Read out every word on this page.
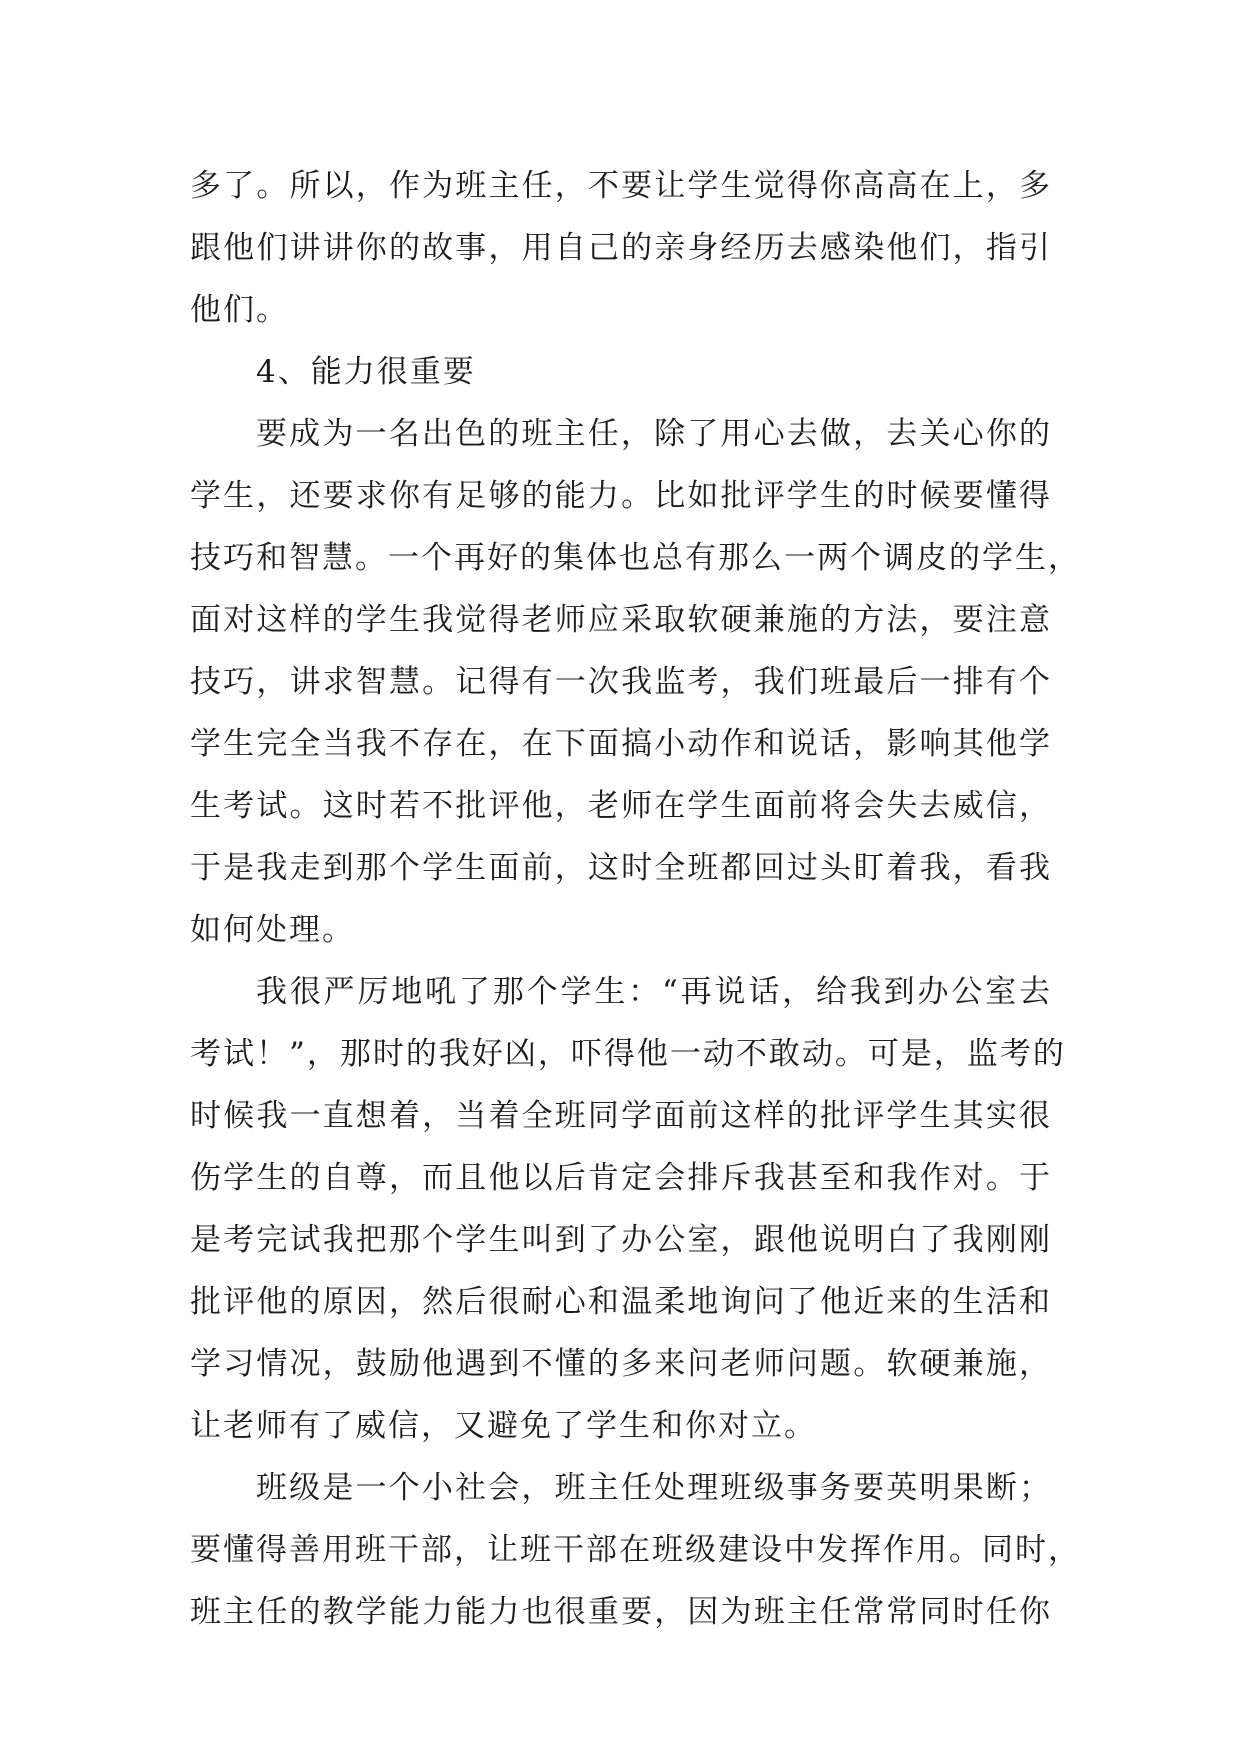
多了。所以，作为班主任，不要让学生觉得你高高在上，多
跟他们讲讲你的故事，用自己的亲身经历去感染他们，指引
他们。
4、能力很重要
要成为一名出色的班主任，除了用心去做，去关心你的
学生，还要求你有足够的能力。比如批评学生的时候要懂得
技巧和智慧。一个再好的集体也总有那么一两个调皮的学生，
面对这样的学生我觉得老师应采取软硬兼施的方法，要注意
技巧，讲求智慧。记得有一次我监考，我们班最后一排有个
学生完全当我不存在，在下面搞小动作和说话，影响其他学
生考试。这时若不批评他，老师在学生面前将会失去威信，
于是我走到那个学生面前，这时全班都回过头盯着我，看我
如何处理。
我很严厉地吼了那个学生：“再说话，给我到办公室去
考试！”，那时的我好凶，吓得他一动不敢动。可是，监考的
时候我一直想着，当着全班同学面前这样的批评学生其实很
伤学生的自尊，而且他以后肯定会排斥我甚至和我作对。于
是考完试我把那个学生叫到了办公室，跟他说明白了我刚刚
批评他的原因，然后很耐心和温柔地询问了他近来的生活和
学习情况，鼓励他遇到不懂的多来问老师问题。软硬兼施，
让老师有了威信，又避免了学生和你对立。
班级是一个小社会，班主任处理班级事务要英明果断；
要懂得善用班干部，让班干部在班级建设中发挥作用。同时，
班主任的教学能力能力也很重要，因为班主任常常同时任你
